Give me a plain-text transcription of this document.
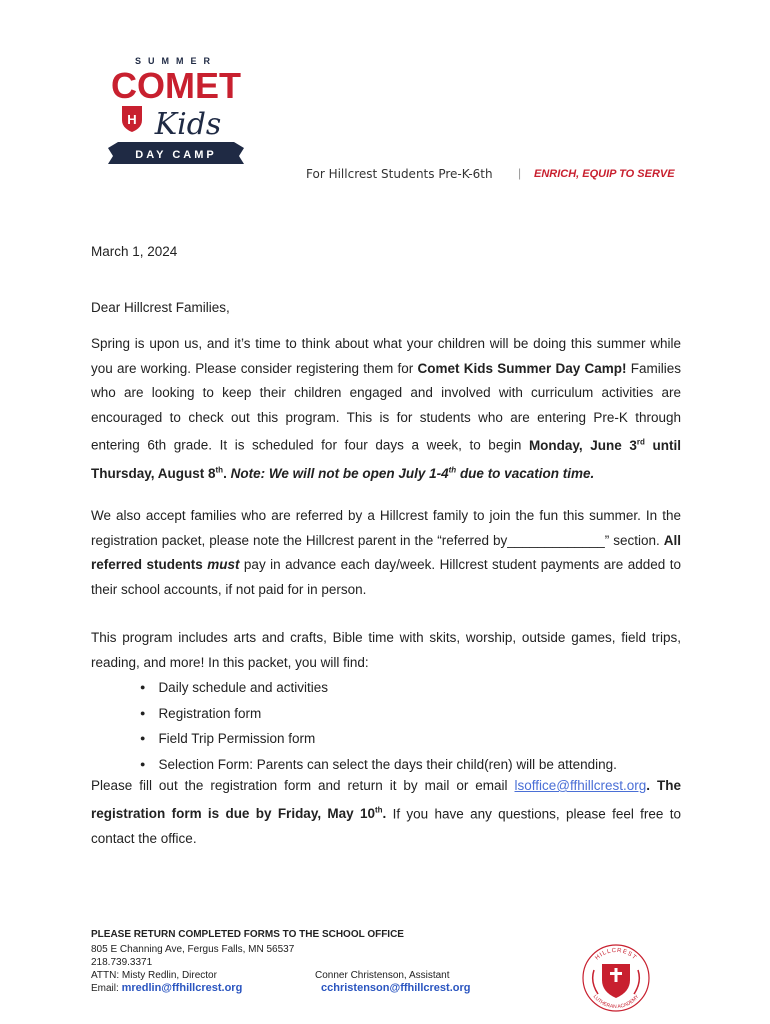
SUMMER
COMET
H Kids
DAY CAMP
For Hillcrest Students Pre-K-6th | ENRICH, EQUIP TO SERVE
March 1, 2024
Dear Hillcrest Families,

Spring is upon us, and it’s time to think about what your children will be doing this summer while you are working. Please consider registering them for Comet Kids Summer Day Camp! Families who are looking to keep their children engaged and involved with curriculum activities are encouraged to check out this program. This is for students who are entering Pre-K through entering 6th grade. It is scheduled for four days a week, to begin Monday, June 3rd until Thursday, August 8th. Note: We will not be open July 1-4th due to vacation time.

We also accept families who are referred by a Hillcrest family to join the fun this summer. In the registration packet, please note the Hillcrest parent in the “referred by_____________” section. All referred students must pay in advance each day/week. Hillcrest student payments are added to their school accounts, if not paid for in person.

This program includes arts and crafts, Bible time with skits, worship, outside games, field trips, reading, and more! In this packet, you will find:

● Daily schedule and activities
● Registration form
● Field Trip Permission form
● Selection Form: Parents can select the days their child(ren) will be attending.

Please fill out the registration form and return it by mail or email lsoffice@ffhillcrest.org. The registration form is due by Friday, May 10th. If you have any questions, please feel free to contact the office.

PLEASE RETURN COMPLETED FORMS TO THE SCHOOL OFFICE
805 E Channing Ave, Fergus Falls, MN 56537
218.739.3371
ATTN: Misty Redlin, Director	Conner Christenson, Assistant
Email: mredlin@ffhillcrest.org	cchristenson@ffhillcrest.org
HILLCREST
LUTHERAN ACADEMY
